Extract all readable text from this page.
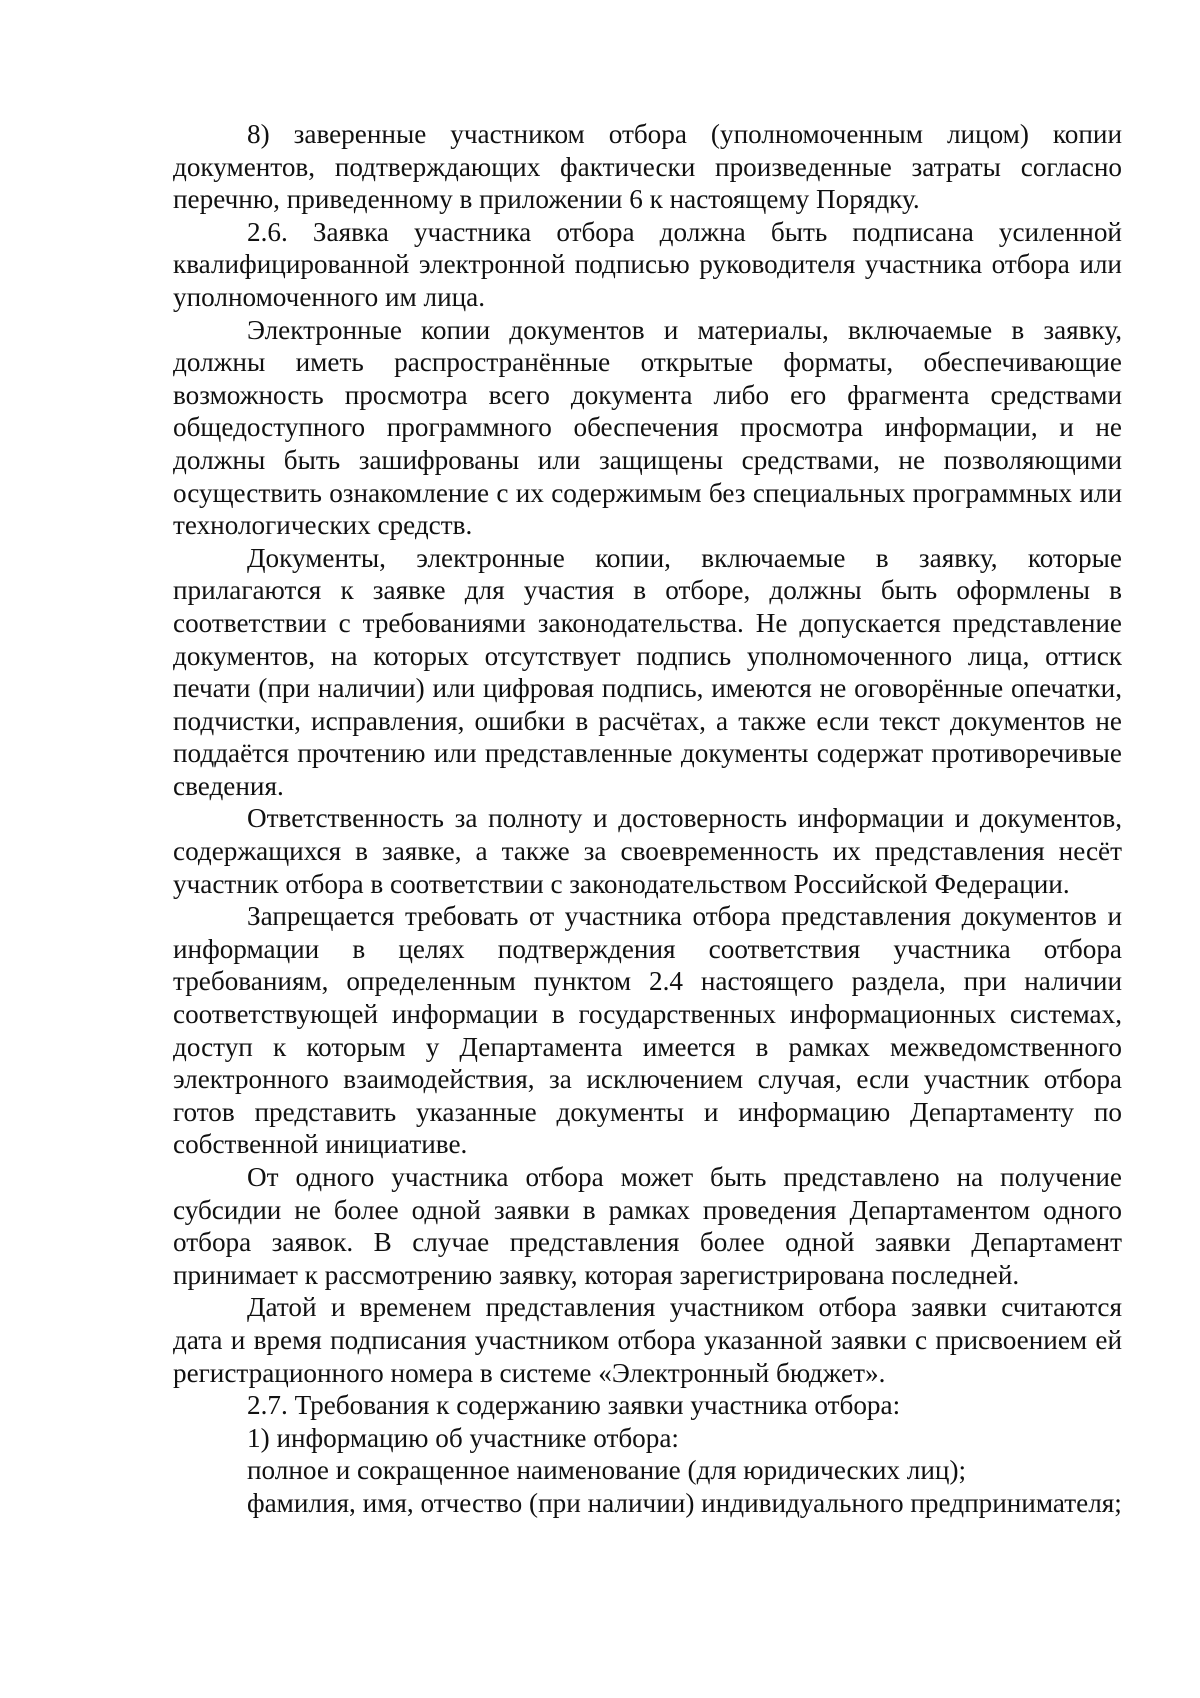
8) заверенные участником отбора (уполномоченным лицом) копии документов, подтверждающих фактически произведенные затраты согласно перечню, приведенному в приложении 6 к настоящему Порядку.

2.6. Заявка участника отбора должна быть подписана усиленной квалифицированной электронной подписью руководителя участника отбора или уполномоченного им лица.

Электронные копии документов и материалы, включаемые в заявку, должны иметь распространённые открытые форматы, обеспечивающие возможность просмотра всего документа либо его фрагмента средствами общедоступного программного обеспечения просмотра информации, и не должны быть зашифрованы или защищены средствами, не позволяющими осуществить ознакомление с их содержимым без специальных программных или технологических средств.

Документы, электронные копии, включаемые в заявку, которые прилагаются к заявке для участия в отборе, должны быть оформлены в соответствии с требованиями законодательства. Не допускается представление документов, на которых отсутствует подпись уполномоченного лица, оттиск печати (при наличии) или цифровая подпись, имеются не оговорённые опечатки, подчистки, исправления, ошибки в расчётах, а также если текст документов не поддаётся прочтению или представленные документы содержат противоречивые сведения.

Ответственность за полноту и достоверность информации и документов, содержащихся в заявке, а также за своевременность их представления несёт участник отбора в соответствии с законодательством Российской Федерации.

Запрещается требовать от участника отбора представления документов и информации в целях подтверждения соответствия участника отбора требованиям, определенным пунктом 2.4 настоящего раздела, при наличии соответствующей информации в государственных информационных системах, доступ к которым у Департамента имеется в рамках межведомственного электронного взаимодействия, за исключением случая, если участник отбора готов представить указанные документы и информацию Департаменту по собственной инициативе.

От одного участника отбора может быть представлено на получение субсидии не более одной заявки в рамках проведения Департаментом одного отбора заявок. В случае представления более одной заявки Департамент принимает к рассмотрению заявку, которая зарегистрирована последней.

Датой и временем представления участником отбора заявки считаются дата и время подписания участником отбора указанной заявки с присвоением ей регистрационного номера в системе «Электронный бюджет».

2.7. Требования к содержанию заявки участника отбора:

1) информацию об участнике отбора:

полное и сокращенное наименование (для юридических лиц);

фамилия, имя, отчество (при наличии) индивидуального предпринимателя;
